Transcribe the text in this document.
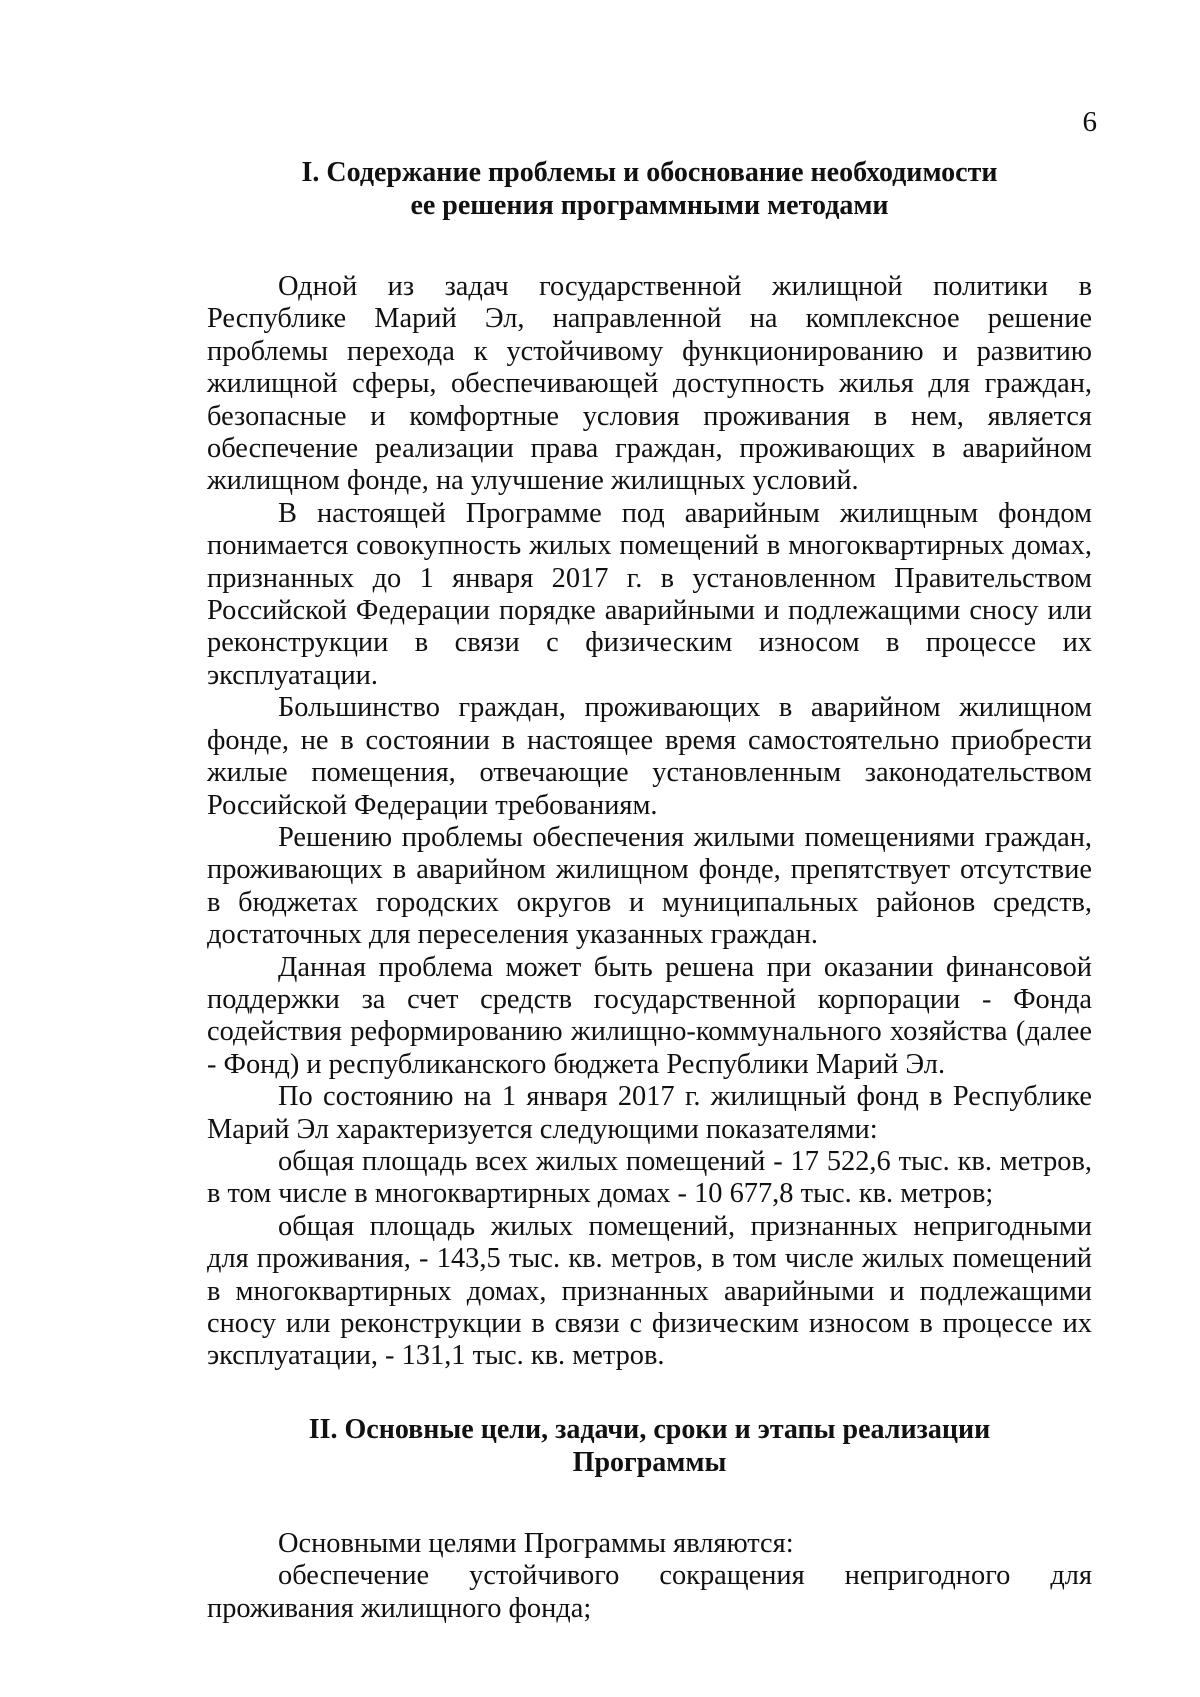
6
I. Содержание проблемы и обоснование необходимости
ее решения программными методами

Одной из задач государственной жилищной политики в Республике Марий Эл, направленной на комплексное решение проблемы перехода к устойчивому функционированию и развитию жилищной сферы, обеспечивающей доступность жилья для граждан, безопасные и комфортные условия проживания в нем, является обеспечение реализации права граждан, проживающих в аварийном жилищном фонде, на улучшение жилищных условий.

В настоящей Программе под аварийным жилищным фондом понимается совокупность жилых помещений в многоквартирных домах, признанных до 1 января 2017 г. в установленном Правительством Российской Федерации порядке аварийными и подлежащими сносу или реконструкции в связи с физическим износом в процессе их эксплуатации.

Большинство граждан, проживающих в аварийном жилищном фонде, не в состоянии в настоящее время самостоятельно приобрести жилые помещения, отвечающие установленным законодательством Российской Федерации требованиям.

Решению проблемы обеспечения жилыми помещениями граждан, проживающих в аварийном жилищном фонде, препятствует отсутствие в бюджетах городских округов и муниципальных районов средств, достаточных для переселения указанных граждан.

Данная проблема может быть решена при оказании финансовой поддержки за счет средств государственной корпорации - Фонда содействия реформированию жилищно-коммунального хозяйства (далее - Фонд) и республиканского бюджета Республики Марий Эл.

По состоянию на 1 января 2017 г. жилищный фонд в Республике Марий Эл характеризуется следующими показателями:

общая площадь всех жилых помещений - 17 522,6 тыс. кв. метров, в том числе в многоквартирных домах - 10 677,8 тыс. кв. метров;

общая площадь жилых помещений, признанных непригодными для проживания, - 143,5 тыс. кв. метров, в том числе жилых помещений в многоквартирных домах, признанных аварийными и подлежащими сносу или реконструкции в связи с физическим износом в процессе их эксплуатации, - 131,1 тыс. кв. метров.

II. Основные цели, задачи, сроки и этапы реализации
Программы

Основными целями Программы являются:

обеспечение устойчивого сокращения непригодного для проживания жилищного фонда;
